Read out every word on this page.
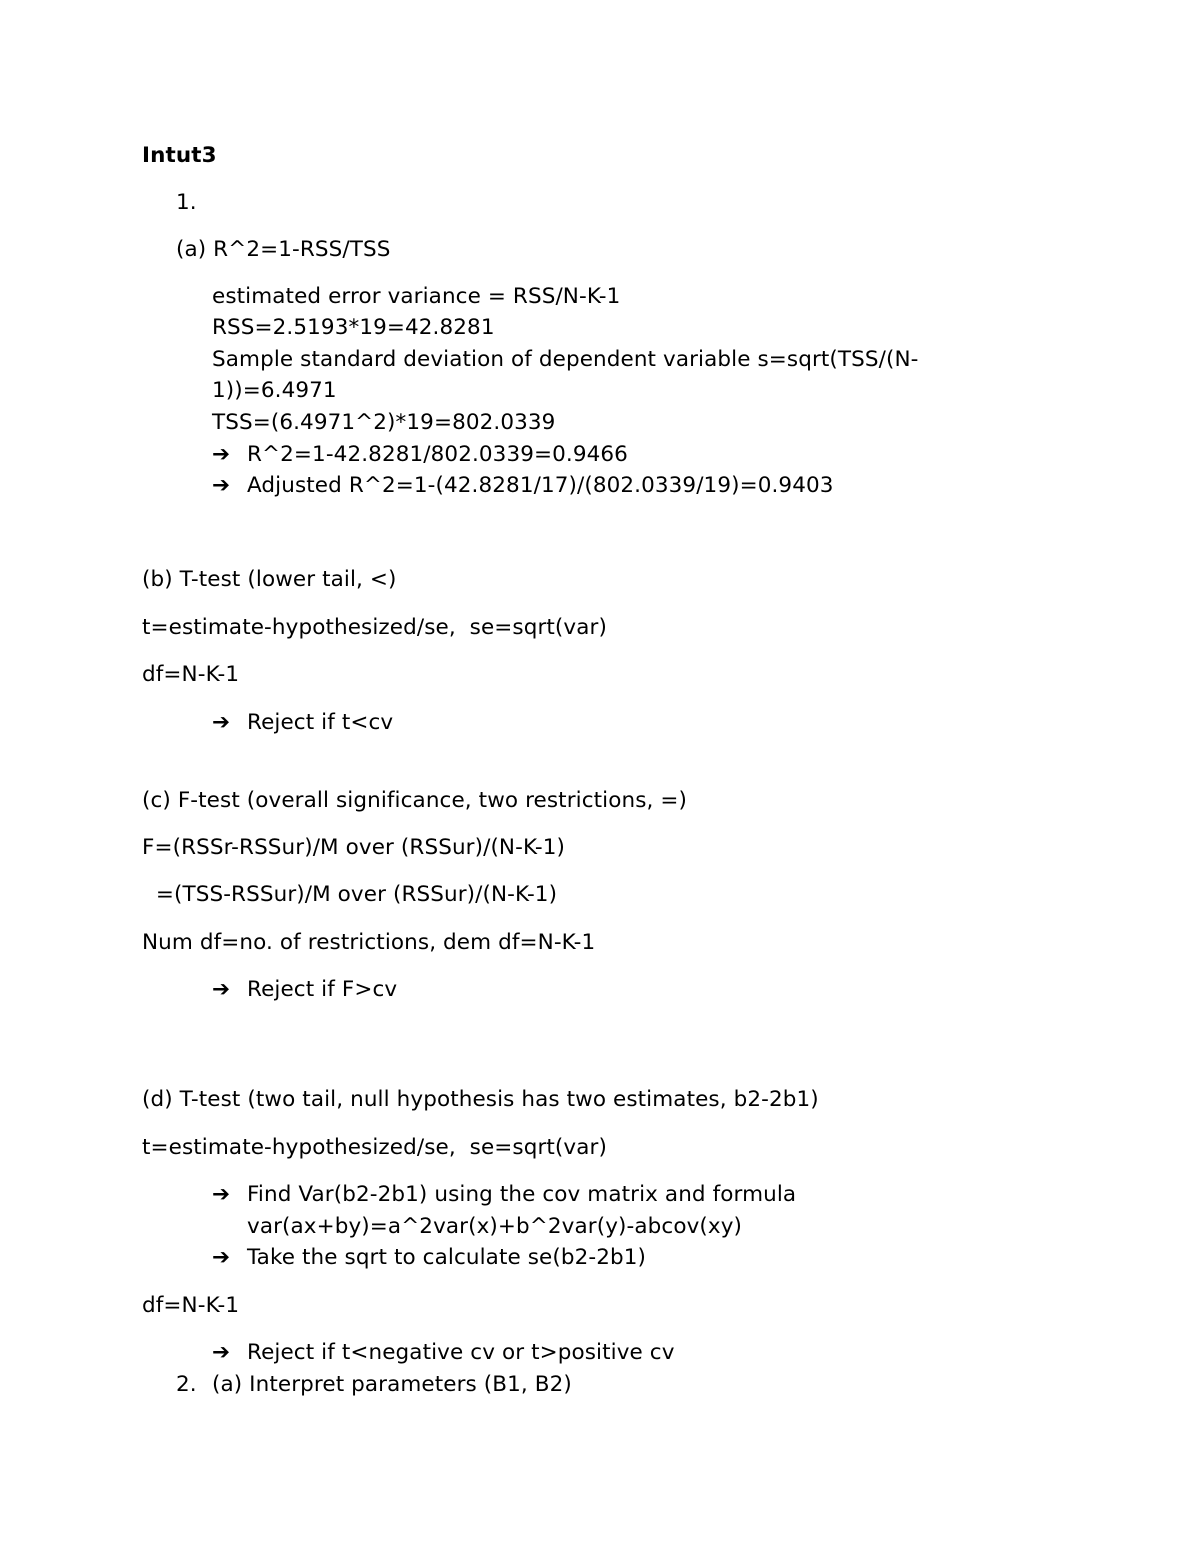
Intut3
1.
(a) R^2=1-RSS/TSS
estimated error variance = RSS/N-K-1
RSS=2.5193*19=42.8281
Sample standard deviation of dependent variable s=sqrt(TSS/(N-
1))=6.4971
TSS=(6.4971^2)*19=802.0339
➔ R^2=1-42.8281/802.0339=0.9466
➔ Adjusted R^2=1-(42.8281/17)/(802.0339/19)=0.9403
(b) T-test (lower tail, <)
t=estimate-hypothesized/se,  se=sqrt(var)
df=N-K-1
➔ Reject if t<cv
(c) F-test (overall significance, two restrictions, =)
F=(RSSr-RSSur)/M over (RSSur)/(N-K-1)
=(TSS-RSSur)/M over (RSSur)/(N-K-1)
Num df=no. of restrictions, dem df=N-K-1
➔ Reject if F>cv
(d) T-test (two tail, null hypothesis has two estimates, b2-2b1)
t=estimate-hypothesized/se,  se=sqrt(var)
➔ Find Var(b2-2b1) using the cov matrix and formula
var(ax+by)=a^2var(x)+b^2var(y)-abcov(xy)
➔ Take the sqrt to calculate se(b2-2b1)
df=N-K-1
➔ Reject if t<negative cv or t>positive cv
2. (a) Interpret parameters (B1, B2)
